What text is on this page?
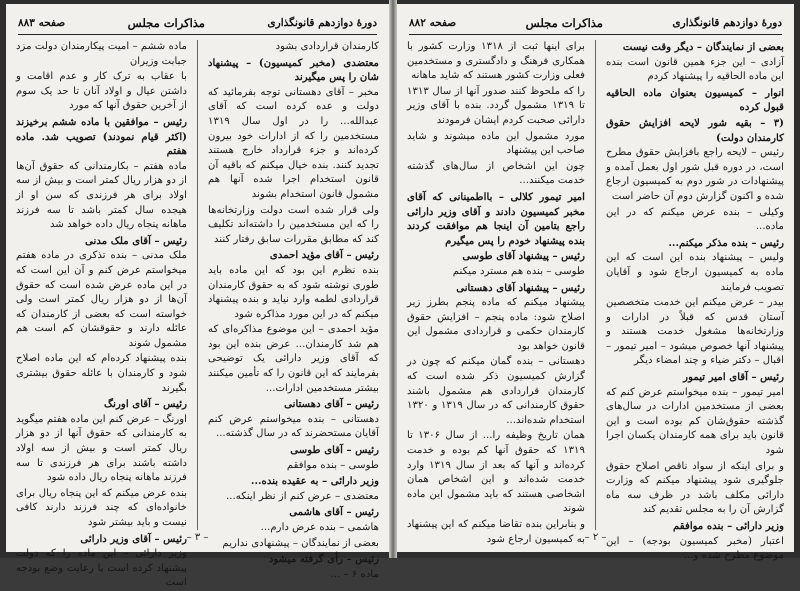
دورهٔ دوازدهم قانونگذاری
مذاکرات مجلس
صفحه ۸۸۳

کارمندان قراردادی بشود

معتضدی (مخبر کمیسیون) – پیشنهاد شان را پس میگیرند

مخبر – آقای دهستانی توجه بفرمائید که دولت و عده کرده است که آقای عبدالله... را در اول سال ۱۳۱۹ مستخدمین را که از ادارات خود بیرون کرده‌اند و جزء قرارداد خارج هستند تجدید کنند. بنده خیال میکنم که باقیه آن قانون استخدام اجرا شده آنها هم مشمول قانون استخدام بشوند

ولی قرار شده است دولت وزارتخانه‌ها را که این مستخدمین را داشته‌اند تکلیف کند که مطابق مقررات سابق رفتار کنند

رئیس – آقای مؤید احمدی

بنده نظرم این بود که این ماده باید طوری نوشته شود که به حقوق کارمندان قراردادی لطمه وارد نیاید و بنده پیشنهاد میکنم که در این مورد مذاکره شود

مؤید احمدی – این موضوع مذاکره‌ای که هم شد کارمندان... عرض بنده این بود که آقای وزیر دارائی یک توضیحی بفرمایند که این قانون را که تأمین میکنند بیشتر مستخدمین ادارات...

رئیس – آقای دهستانی

دهستانی – بنده میخواستم عرض کنم آقایان مستحضرند که در سال گذشته...

رئیس – آقای طوسی

طوسی – بنده موافقم

وزیر دارائی – به عقیده بنده...

معتضدی – عرض کنم از نظر اینکه...

رئیس – آقای هاشمی

هاشمی – بنده عرض دارم...

بعضی از نمایندگان – پیشنهادی نداریم

رئیس – رأی گرفته میشود

ماده ۶ – ...

ماده ششم – امیت پیکارمندان دولت مزد جبابت وزیران

با عقاب به ترک کار و عدم اقامت و داشتن عیال و اولاد آنان تا حد یک سوم از آخرین حقوق آنها که مورد

رئیس – موافقین با ماده ششم برخیزند (اکثر قیام نمودند) تصویب شد. ماده هفتم

ماده هفتم – بکارمندانی که حقوق آن‌ها از دو هزار ریال کمتر است و بیش از سه اولاد برای هر فرزندی که سن او از هیجده سال کمتر باشد تا سه فرزند ماهانه پنجاه ریال داده خواهد شد

رئیس – آقای ملک مدنی

ملک مدنی – بنده تذکری در ماده هفتم میخواستم عرض کنم و آن این است که در این ماده عرض شده است که حقوق آن‌ها از دو هزار ریال کمتر است ولی خواسته است که بعضی از کارمندان که عائله دارند و حقوقشان کم است هم مشمول شوند

بنده پیشنهاد کرده‌ام که این ماده اصلاح شود و کارمندان با عائله حقوق بیشتری بگیرند

رئیس – آقای اورنگ

اورنگ – عرض کنم این ماده هفتم میگوید به کارمندانی که حقوق آنها از دو هزار ریال کمتر است و بیش از سه اولاد داشته باشند برای هر فرزندی تا سه فرزند ماهانه پنجاه ریال داده شود

بنده عرض میکنم که این پنجاه ریال برای خانواده‌ای که چند فرزند دارند کافی نیست و باید بیشتر شود

رئیس – آقای وزیر دارائی

وزیر دارائی – این ماده را که دولت پیشنهاد کرده است با رعایت وضع بودجه است

– ۳ –
دورهٔ دوازدهم قانونگذاری
مذاکرات مجلس
صفحه ۸۸۲

بعضی از نمایندگان – دیگر وقت نیست

آزادی – این جزء همین قانون است بنده این ماده الحاقیه را پیشنهاد کردم

انوار – کمیسیون بعنوان ماده الحاقیه قبول کرده

(۳ – بقیه شور لایحه افزایش حقوق کارمندان دولت)

رئیس – لایحه راجع بافزایش حقوق مطرح است، در دوره قبل شور اول بعمل آمده و پیشنهادات در شور دوم به کمیسیون ارجاع شده و اکنون گزارش دوم آن حاضر است

وکیلی – بنده عرض میکنم که در این ماده...

رئیس – بنده مذکر میکنم...

ولیس – پیشنهاد بنده این است که این ماده به کمیسیون ارجاع شود و آقایان تصویب فرمایند

بیدر – عرض میکنم این خدمت متخصصین آستان قدس که قبلاً در ادارات و وزارتخانه‌ها مشغول خدمت هستند و پیشنهاد آنها خصوص میشود – امیر تیمور – اقبال – دکتر ضیاء و چند امضاء دیگر

رئیس – آقای امیر تیمور

امیر تیمور – بنده میخواستم عرض کنم که بعضی از مستخدمین ادارات در سال‌های گذشته حقوق‌شان کم بوده است و این قانون باید برای همه کارمندان یکسان اجرا شود

و برای اینکه از سواد ناقص اصلاح حقوق جلوگیری شود پیشنهاد میکنم که وزارت دارائی مکلف باشد در ظرف سه ماه گزارش آن را به مجلس تقدیم کند

وزیر دارائی – بنده موافقم

اعتبار (مخبر کمیسیون بودجه) – این موضوع مطرح شده و...

برای اینها ثبت از ۱۳۱۸ وزارت کشور با همکاری فرهنگ و دادگستری و مستخدمین فعلی وزارت کشور هستند که شاید ماهانه

را که ملحوظ کنند صدور آنها از سال ۱۳۱۳ تا ۱۳۱۹ مشمول گردد. بنده با آقای وزیر دارائی صحبت کردم ایشان فرمودند

مورد مشمول این ماده میشوند و شاید صاحب این پیشنهاد

چون این اشخاص از سال‌های گذشته خدمت میکنند...

امیر تیمور کلالی – بااطمینانی که آقای مخبر کمیسیون دادند و آقای وزیر دارائی راجع بتامین آن اینجا هم موافقت کردند بنده پیشنهاد خودم را پس میگیرم

رئیس – پیشنهاد آقای طوسی

طوسی – بنده هم مسترد میکنم

رئیس – پیشنهاد آقای دهستانی

پیشنهاد میکنم که ماده پنجم بطرز زیر اصلاح شود: ماده پنجم – افزایش حقوق کارمندان حکمی و قراردادی مشمول این قانون خواهد بود

دهستانی – بنده گمان میکنم که چون در گزارش کمیسیون ذکر شده است که کارمندان قراردادی هم مشمول باشند حقوق کارمندانی که در سال ۱۳۱۹ و ۱۳۲۰ استخدام شده‌اند...

همان تاریخ وظیفه را... از سال ۱۳۰۶ تا ۱۳۱۹ که حقوق آنها کم بوده و خدمت کرده‌اند و آنها که بعد از سال ۱۳۱۹ وارد خدمت شده‌اند و این اشخاص همان اشخاصی هستند که باید مشمول این ماده شوند

و بنابراین بنده تقاضا میکنم که این پیشنهاد به کمیسیون ارجاع شود – ۲ –
